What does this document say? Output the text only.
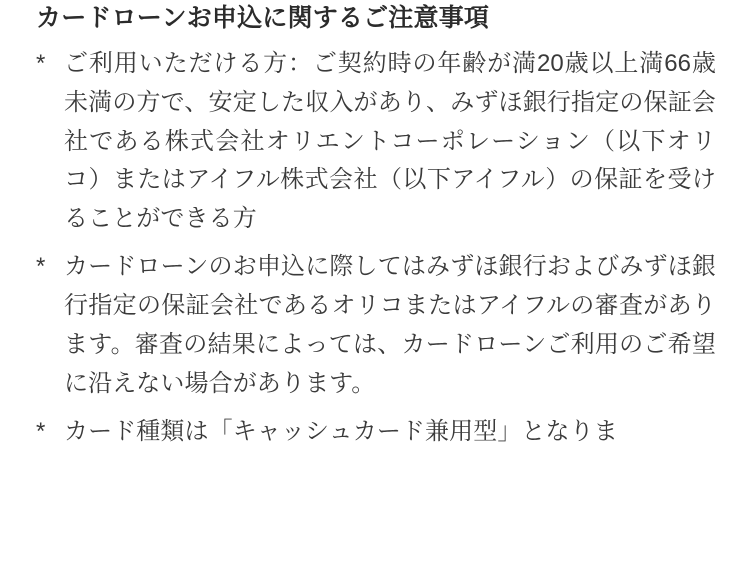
カードローンお申込に関するご注意事項
* ご利用いただける方：ご契約時の年齢が満20歳以上満66歳未満の方で、安定した収入があり、みずほ銀行指定の保証会社である株式会社オリエントコーポレーション（以下オリコ）またはアイフル株式会社（以下アイフル）の保証を受けることができる方
* カードローンのお申込に際してはみずほ銀行およびみずほ銀行指定の保証会社であるオリコまたはアイフルの審査があります。審査の結果によっては、カードローンご利用のご希望に沿えない場合があります。
* カード種類は「キャッシュカード兼用型」となりま
